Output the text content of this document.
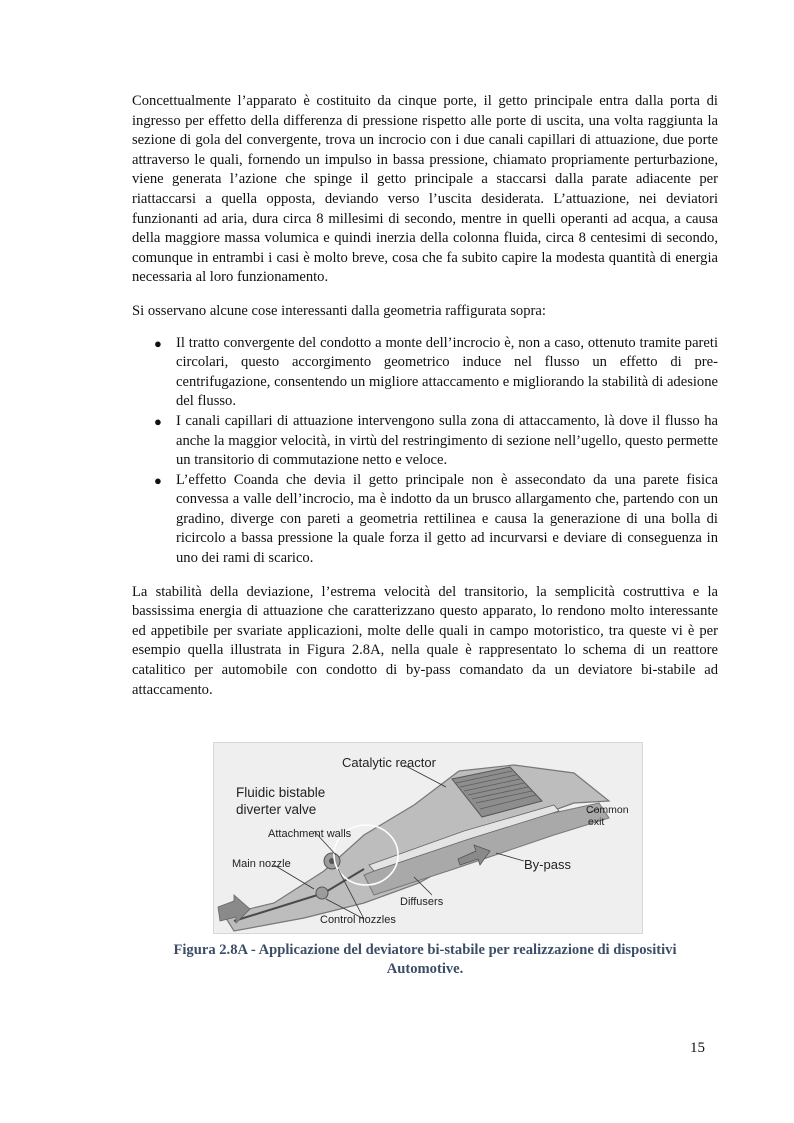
Concettualmente l’apparato è costituito da cinque porte, il getto principale entra dalla porta di ingresso per effetto della differenza di pressione rispetto alle porte di uscita, una volta raggiunta la sezione di gola del convergente, trova un incrocio con i due canali capillari di attuazione, due porte attraverso le quali, fornendo un impulso in bassa pressione, chiamato propriamente perturbazione, viene generata l’azione che spinge il getto principale a staccarsi dalla parate adiacente per riattaccarsi a quella opposta, deviando verso l’uscita desiderata. L’attuazione, nei deviatori funzionanti ad aria, dura circa 8 millesimi di secondo, mentre in quelli operanti ad acqua, a causa della maggiore massa volumica e quindi inerzia della colonna fluida, circa 8 centesimi di secondo, comunque in entrambi i casi è molto breve, cosa che fa subito capire la modesta quantità di energia necessaria al loro funzionamento.

Si osservano alcune cose interessanti dalla geometria raffigurata sopra:

● Il tratto convergente del condotto a monte dell’incrocio è, non a caso, ottenuto tramite pareti circolari, questo accorgimento geometrico induce nel flusso un effetto di pre-centrifugazione, consentendo un migliore attaccamento e migliorando la stabilità di adesione del flusso.
● I canali capillari di attuazione intervengono sulla zona di attaccamento, là dove il flusso ha anche la maggior velocità, in virtù del restringimento di sezione nell’ugello, questo permette un transitorio di commutazione netto e veloce.
● L’effetto Coanda che devia il getto principale non è assecondato da una parete fisica convessa a valle dell’incrocio, ma è indotto da un brusco allargamento che, partendo con un gradino, diverge con pareti a geometria rettilinea e causa la generazione di una bolla di ricircolo a bassa pressione la quale forza il getto ad incurvarsi e deviare di conseguenza in uno dei rami di scarico.

La stabilità della deviazione, l’estrema velocità del transitorio, la semplicità costruttiva e la bassissima energia di attuazione che caratterizzano questo apparato, lo rendono molto interessante ed appetibile per svariate applicazioni, molte delle quali in campo motoristico, tra queste vi è per esempio quella illustrata in Figura 2.8A, nella quale è rappresentato lo schema di un reattore catalitico per automobile con condotto di by-pass comandato da un deviatore bi-stabile ad attaccamento.

Catalytic reactor
Fluidic bistable
diverter valve
Attachment walls
Main nozzle
Control nozzles
Diffusers
By-pass
Common
exit
Figura 2.8A - Applicazione del deviatore bi-stabile per realizzazione di dispositivi
Automotive.
15
